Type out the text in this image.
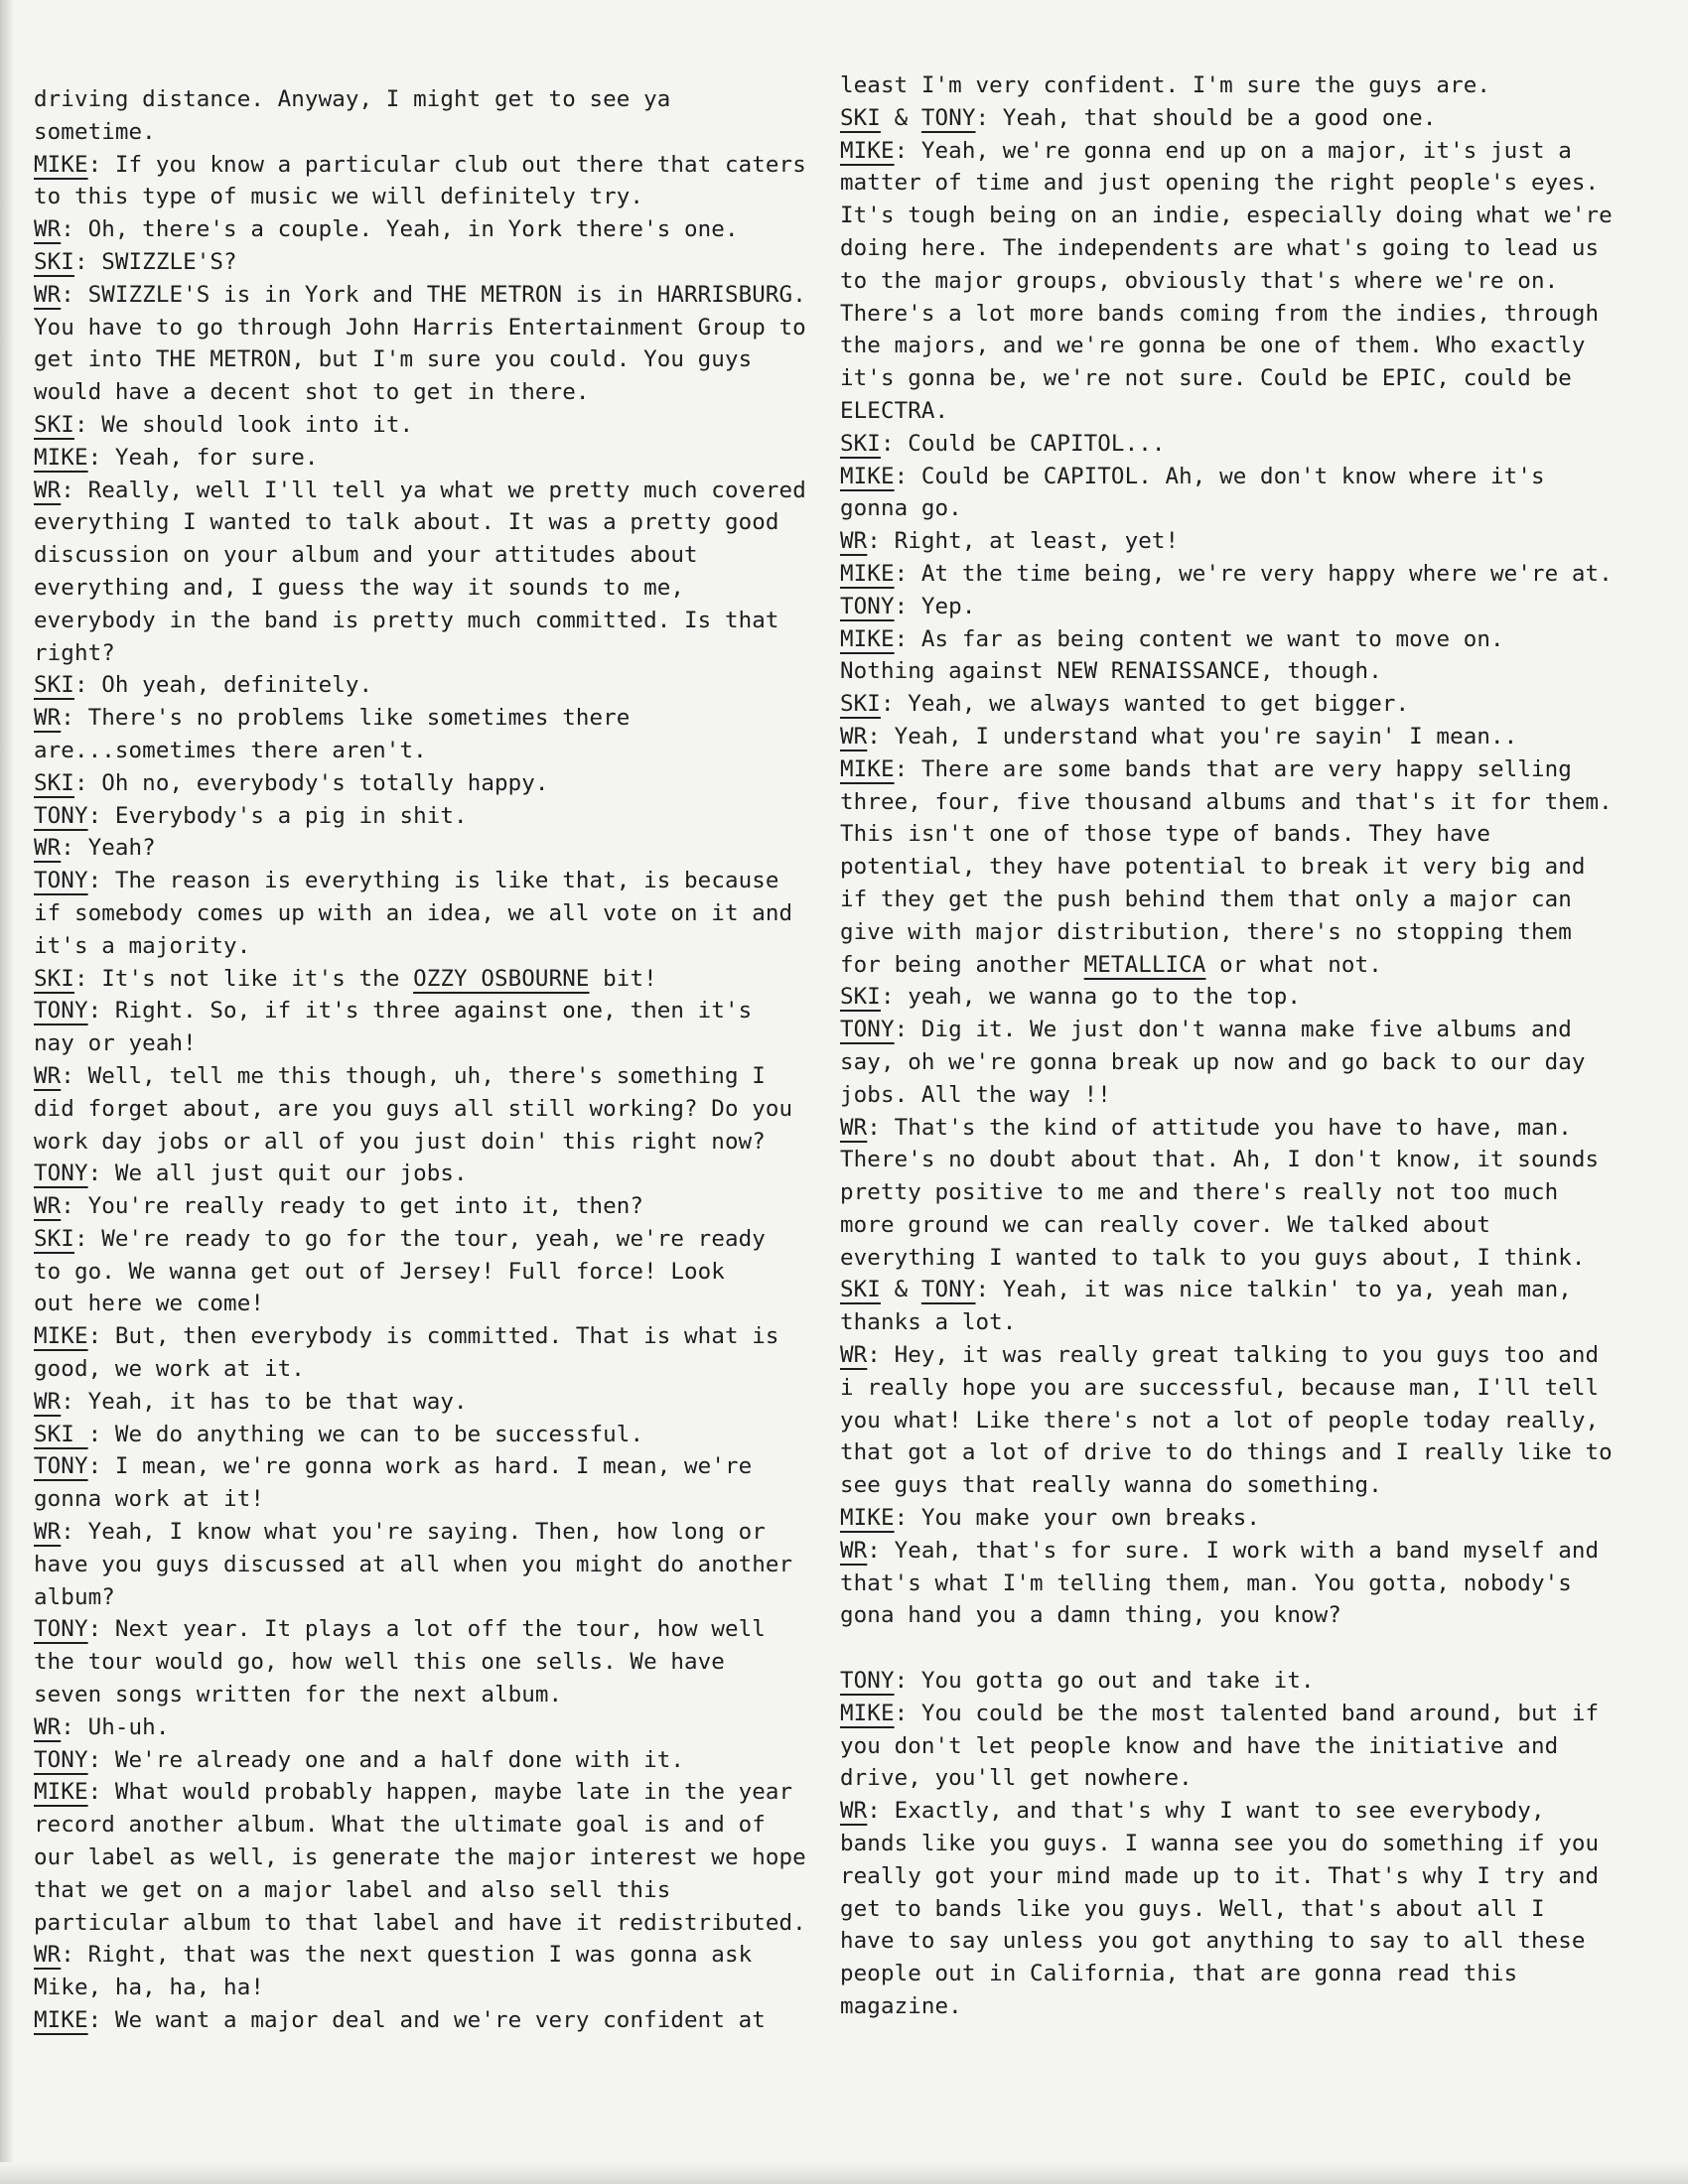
driving distance. Anyway, I might get to see ya
sometime.
MIKE: If you know a particular club out there that caters
to this type of music we will definitely try.
WR: Oh, there's a couple. Yeah, in York there's one.
SKI: SWIZZLE'S?
WR: SWIZZLE'S is in York and THE METRON is in HARRISBURG.
You have to go through John Harris Entertainment Group to
get into THE METRON, but I'm sure you could. You guys
would have a decent shot to get in there.
SKI: We should look into it.
MIKE: Yeah, for sure.
WR: Really, well I'll tell ya what we pretty much covered
everything I wanted to talk about. It was a pretty good
discussion on your album and your attitudes about
everything and, I guess the way it sounds to me,
everybody in the band is pretty much committed. Is that
right?
SKI: Oh yeah, definitely.
WR: There's no problems like sometimes there
are...sometimes there aren't.
SKI: Oh no, everybody's totally happy.
TONY: Everybody's a pig in shit.
WR: Yeah?
TONY: The reason is everything is like that, is because
if somebody comes up with an idea, we all vote on it and
it's a majority.
SKI: It's not like it's the OZZY OSBOURNE bit!
TONY: Right. So, if it's three against one, then it's
nay or yeah!
WR: Well, tell me this though, uh, there's something I
did forget about, are you guys all still working? Do you
work day jobs or all of you just doin' this right now?
TONY: We all just quit our jobs.
WR: You're really ready to get into it, then?
SKI: We're ready to go for the tour, yeah, we're ready
to go. We wanna get out of Jersey! Full force! Look
out here we come!
MIKE: But, then everybody is committed. That is what is
good, we work at it.
WR: Yeah, it has to be that way.
SKI : We do anything we can to be successful.
TONY: I mean, we're gonna work as hard. I mean, we're
gonna work at it!
WR: Yeah, I know what you're saying. Then, how long or
have you guys discussed at all when you might do another
album?
TONY: Next year. It plays a lot off the tour, how well
the tour would go, how well this one sells. We have
seven songs written for the next album.
WR: Uh-uh.
TONY: We're already one and a half done with it.
MIKE: What would probably happen, maybe late in the year
record another album. What the ultimate goal is and of
our label as well, is generate the major interest we hope
that we get on a major label and also sell this
particular album to that label and have it redistributed.
WR: Right, that was the next question I was gonna ask
Mike, ha, ha, ha!
MIKE: We want a major deal and we're very confident at
least I'm very confident. I'm sure the guys are.
SKI & TONY: Yeah, that should be a good one.
MIKE: Yeah, we're gonna end up on a major, it's just a
matter of time and just opening the right people's eyes.
It's tough being on an indie, especially doing what we're
doing here. The independents are what's going to lead us
to the major groups, obviously that's where we're on.
There's a lot more bands coming from the indies, through
the majors, and we're gonna be one of them. Who exactly
it's gonna be, we're not sure. Could be EPIC, could be
ELECTRA.
SKI: Could be CAPITOL...
MIKE: Could be CAPITOL. Ah, we don't know where it's
gonna go.
WR: Right, at least, yet!
MIKE: At the time being, we're very happy where we're at.
TONY: Yep.
MIKE: As far as being content we want to move on.
Nothing against NEW RENAISSANCE, though.
SKI: Yeah, we always wanted to get bigger.
WR: Yeah, I understand what you're sayin' I mean..
MIKE: There are some bands that are very happy selling
three, four, five thousand albums and that's it for them.
This isn't one of those type of bands. They have
potential, they have potential to break it very big and
if they get the push behind them that only a major can
give with major distribution, there's no stopping them
for being another METALLICA or what not.
SKI: yeah, we wanna go to the top.
TONY: Dig it. We just don't wanna make five albums and
say, oh we're gonna break up now and go back to our day
jobs. All the way !!
WR: That's the kind of attitude you have to have, man.
There's no doubt about that. Ah, I don't know, it sounds
pretty positive to me and there's really not too much
more ground we can really cover. We talked about
everything I wanted to talk to you guys about, I think.
SKI & TONY: Yeah, it was nice talkin' to ya, yeah man,
thanks a lot.
WR: Hey, it was really great talking to you guys too and
i really hope you are successful, because man, I'll tell
you what! Like there's not a lot of people today really,
that got a lot of drive to do things and I really like to
see guys that really wanna do something.
MIKE: You make your own breaks.
WR: Yeah, that's for sure. I work with a band myself and
that's what I'm telling them, man. You gotta, nobody's
gona hand you a damn thing, you know?
TONY: You gotta go out and take it.
MIKE: You could be the most talented band around, but if
you don't let people know and have the initiative and
drive, you'll get nowhere.
WR: Exactly, and that's why I want to see everybody,
bands like you guys. I wanna see you do something if you
really got your mind made up to it. That's why I try and
get to bands like you guys. Well, that's about all I
have to say unless you got anything to say to all these
people out in California, that are gonna read this
magazine.
